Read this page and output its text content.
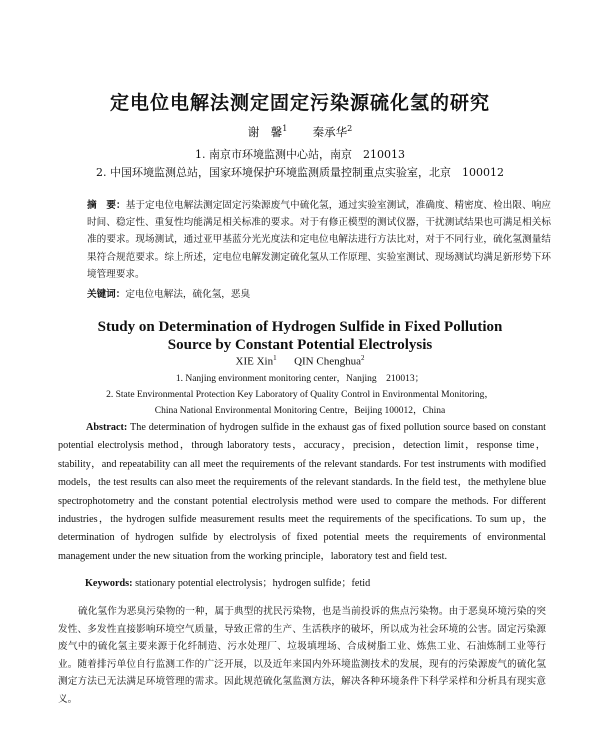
定电位电解法测定固定污染源硫化氢的研究
谢　馨$^1$ 秦承华$^2$
1. 南京市环境监测中心站，南京　210013
2. 中国环境监测总站，国家环境保护环境监测质量控制重点实验室，北京　100012
摘　要：基于定电位电解法测定固定污染源废气中硫化氢，通过实验室测试，准确度、精密度、检出限、响应时间、稳定性、重复性均能满足相关标准的要求。对于有修正模型的测试仪器，干扰测试结果也可满足相关标准的要求。现场测试，通过亚甲基蓝分光光度法和定电位电解法进行方法比对，对于不同行业，硫化氢测量结果符合规范要求。综上所述，定电位电解发测定硫化氢从工作原理、实验室测试、现场测试均满足新形势下环境管理要求。
关键词：定电位电解法，硫化氢，恶臭
Study on Determination of Hydrogen Sulfide in Fixed Pollution
Source by Constant Potential Electrolysis
XIE Xin$^1$ QIN Chenghua$^2$
1. Nanjing environment monitoring center，Nanjing　210013；
2. State Environmental Protection Key Laboratory of Quality Control in Environmental Monitoring，
China National Environmental Monitoring Centre，Beijing 100012，China
Abstract: The determination of hydrogen sulfide in the exhaust gas of fixed pollution source based on constant potential electrolysis method，through laboratory tests，accuracy，precision，detection limit，response time，stability，and repeatability can all meet the requirements of the relevant standards. For test instruments with modified models，the test results can also meet the requirements of the relevant standards. In the field test，the methylene blue spectrophotometry and the constant potential electrolysis method were used to compare the methods. For different industries，the hydrogen sulfide measurement results meet the requirements of the specifications. To sum up，the determination of hydrogen sulfide by electrolysis of fixed potential meets the requirements of environmental management under the new situation from the working principle，laboratory test and field test.
Keywords: stationary potential electrolysis；hydrogen sulfide；fetid
硫化氢作为恶臭污染物的一种，属于典型的扰民污染物，也是当前投诉的焦点污染物。由于恶臭环境污染的突发性、多发性直接影响环境空气质量，导致正常的生产、生活秩序的破坏，所以成为社会环境的公害。固定污染源废气中的硫化氢主要来源于化纤制造、污水处理厂、垃圾填埋场、合成树脂工业、炼焦工业、石油炼制工业等行业。随着排污单位自行监测工作的广泛开展，以及近年来国内外环境监测技术的发展，现有的污染源废气的硫化氢测定方法已无法满足环境管理的需求。因此规范硫化氢监测方法，解决各种环境条件下科学采样和分析具有现实意义。
